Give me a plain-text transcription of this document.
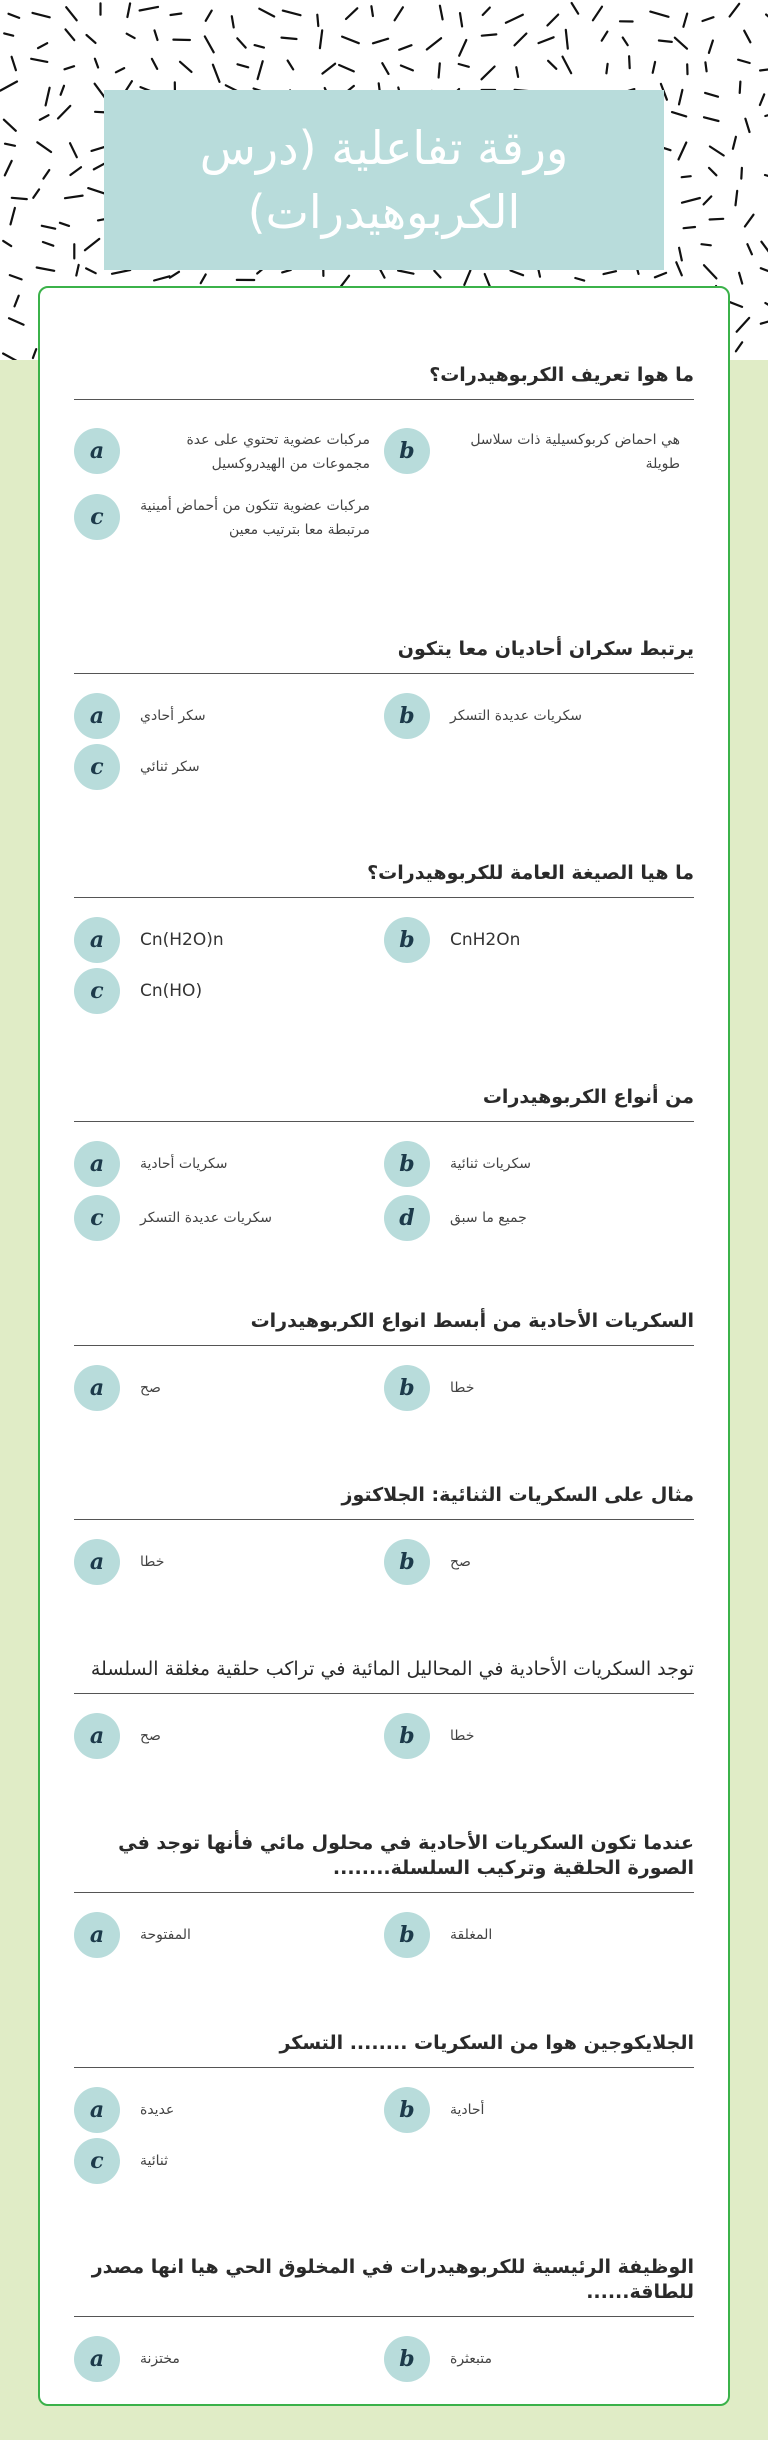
ورقة تفاعلية (درس الكربوهيدرات)
ما هوا تعريف الكربوهيدرات؟
a	مركبات عضوية تحتوي على عدة مجموعات من الهيدروكسيل	b	هي احماض كربوكسيلية ذات سلاسل طويلة
c	مركبات عضوية تتكون من أحماض أمينية مرتبطة معا بترتيب معين
يرتبط سكران أحاديان معا يتكون
a	سكر أحادي	b	سكريات عديدة التسكر
c	سكر ثنائي
ما هيا الصيغة العامة للكربوهيدرات؟
a	Cn(H2O)n	b	CnH2On
c	Cn(HO)
من أنواع الكربوهيدرات
a	سكريات أحادية	b	سكريات ثنائية
c	سكريات عديدة التسكر	d	جميع ما سبق
السكريات الأحادية من أبسط انواع الكربوهيدرات
a	صح	b	خطا
مثال على السكريات الثنائية: الجلاكتوز
a	خطا	b	صح
توجد السكريات الأحادية في المحاليل المائية في تراكب حلقية مغلقة السلسلة
a	صح	b	خطا
عندما تكون السكريات الأحادية في محلول مائي فأنها توجد في الصورة الحلقية وتركيب السلسلة........
a	المفتوحة	b	المغلقة
الجلايكوجين هوا من السكريات ........ التسكر
a	عديدة	b	أحادية
c	ثنائية
الوظيفة الرئيسية للكربوهيدرات في المخلوق الحي هيا انها مصدر للطاقة......
a	مختزنة	b	متبعثرة
